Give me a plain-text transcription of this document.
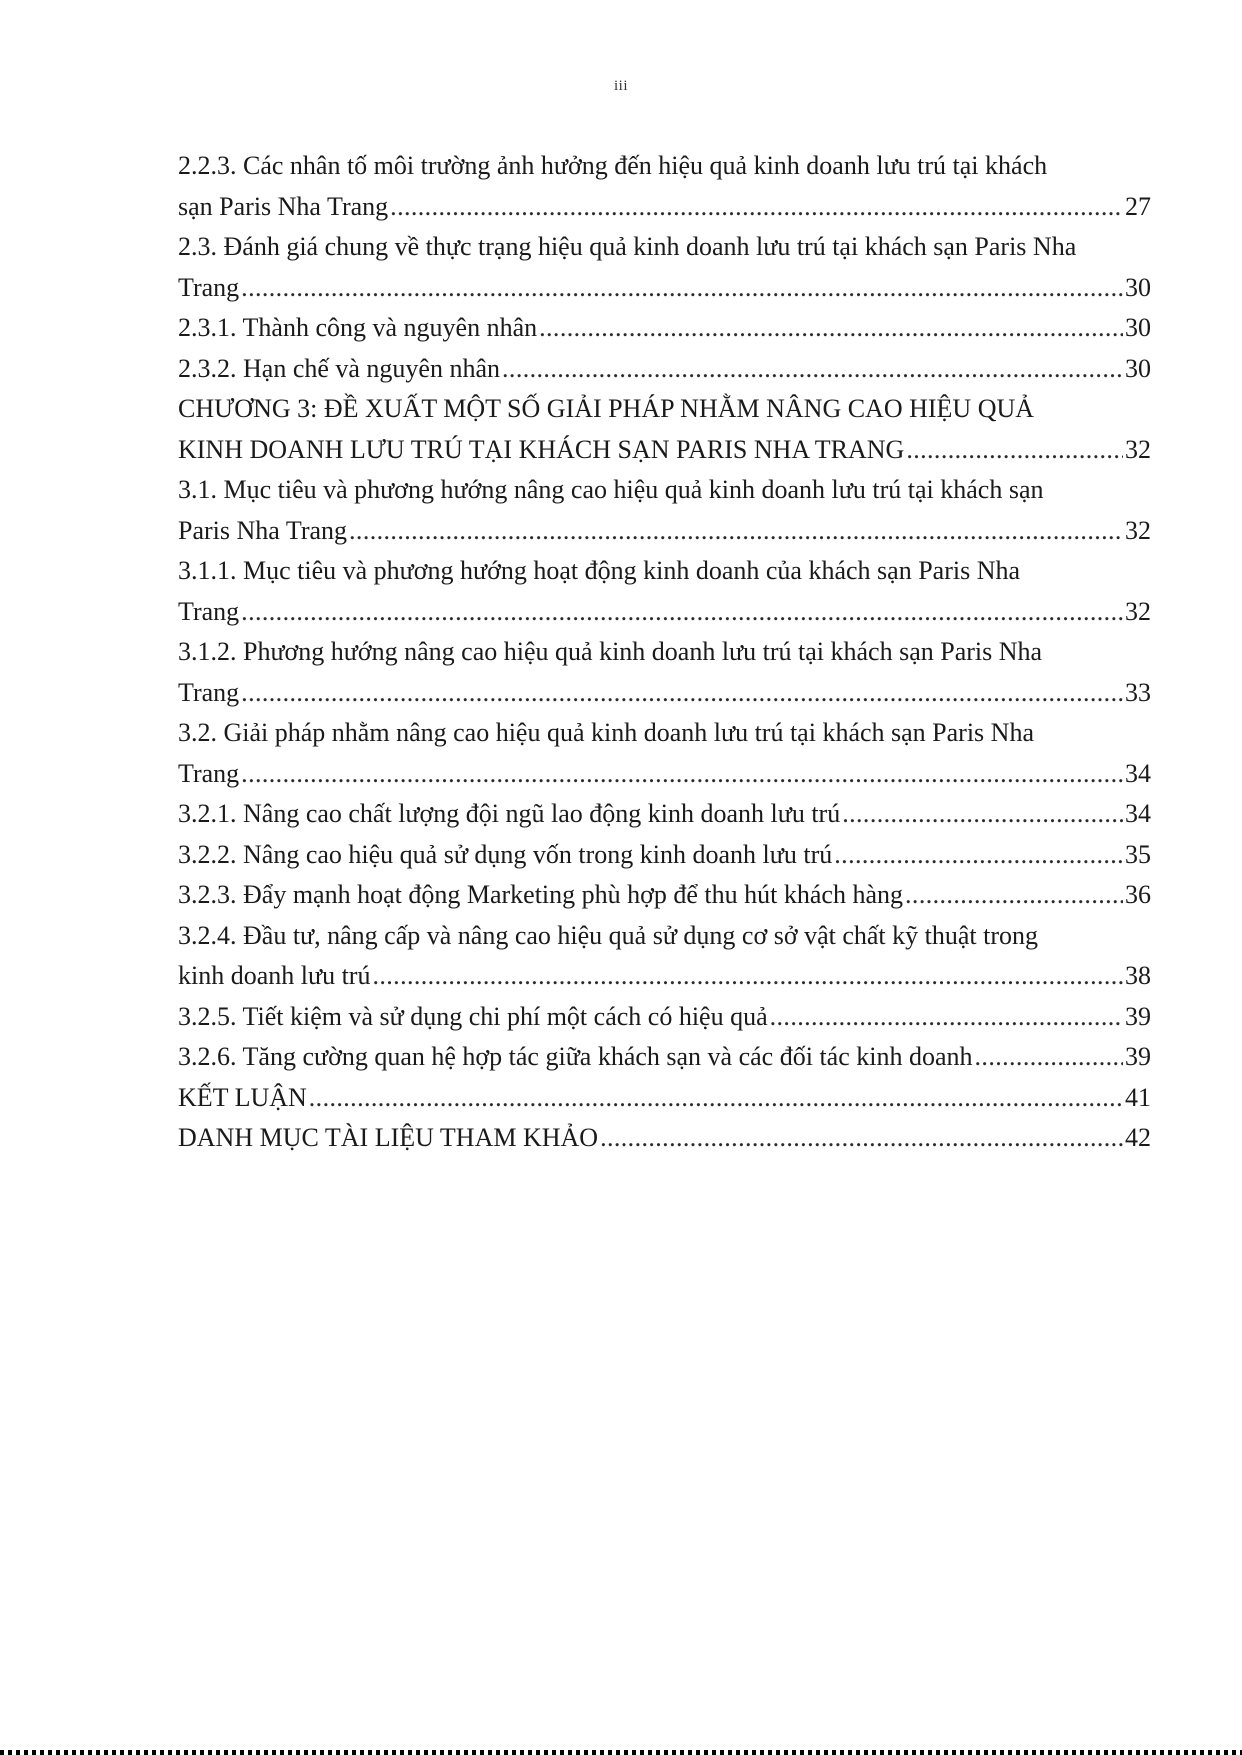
iii
2.2.3. Các nhân tố môi trường ảnh hưởng đến hiệu quả kinh doanh lưu trú tại khách
sạn Paris Nha Trang .....	27
2.3. Đánh giá chung về thực trạng hiệu quả kinh doanh lưu trú tại khách sạn Paris Nha
Trang .....	30
2.3.1. Thành công và nguyên nhân .....	30
2.3.2. Hạn chế và nguyên nhân .....	30
CHƯƠNG 3: ĐỀ XUẤT MỘT SỐ GIẢI PHÁP NHẰM NÂNG CAO HIỆU QUẢ
KINH DOANH LƯU TRÚ TẠI KHÁCH SẠN PARIS NHA TRANG .....	32
3.1. Mục tiêu và phương hướng nâng cao hiệu quả kinh doanh lưu trú tại khách sạn
Paris Nha Trang .....	32
3.1.1. Mục tiêu và phương hướng hoạt động kinh doanh của khách sạn Paris Nha
Trang .....	32
3.1.2. Phương hướng nâng cao hiệu quả kinh doanh lưu trú tại khách sạn Paris Nha
Trang .....	33
3.2. Giải pháp nhằm nâng cao hiệu quả kinh doanh lưu trú tại khách sạn Paris Nha
Trang .....	34
3.2.1. Nâng cao chất lượng đội ngũ lao động kinh doanh lưu trú .....	34
3.2.2. Nâng cao hiệu quả sử dụng vốn trong kinh doanh lưu trú .....	35
3.2.3. Đẩy mạnh hoạt động Marketing phù hợp để thu hút khách hàng .....	36
3.2.4. Đầu tư, nâng cấp và nâng cao hiệu quả sử dụng cơ sở vật chất kỹ thuật trong
kinh doanh lưu trú .....	38
3.2.5. Tiết kiệm và sử dụng chi phí một cách có hiệu quả .....	39
3.2.6. Tăng cường quan hệ hợp tác giữa khách sạn và các đối tác kinh doanh .....	39
KẾT LUẬN .....	41
DANH MỤC TÀI LIỆU THAM KHẢO .....	42
